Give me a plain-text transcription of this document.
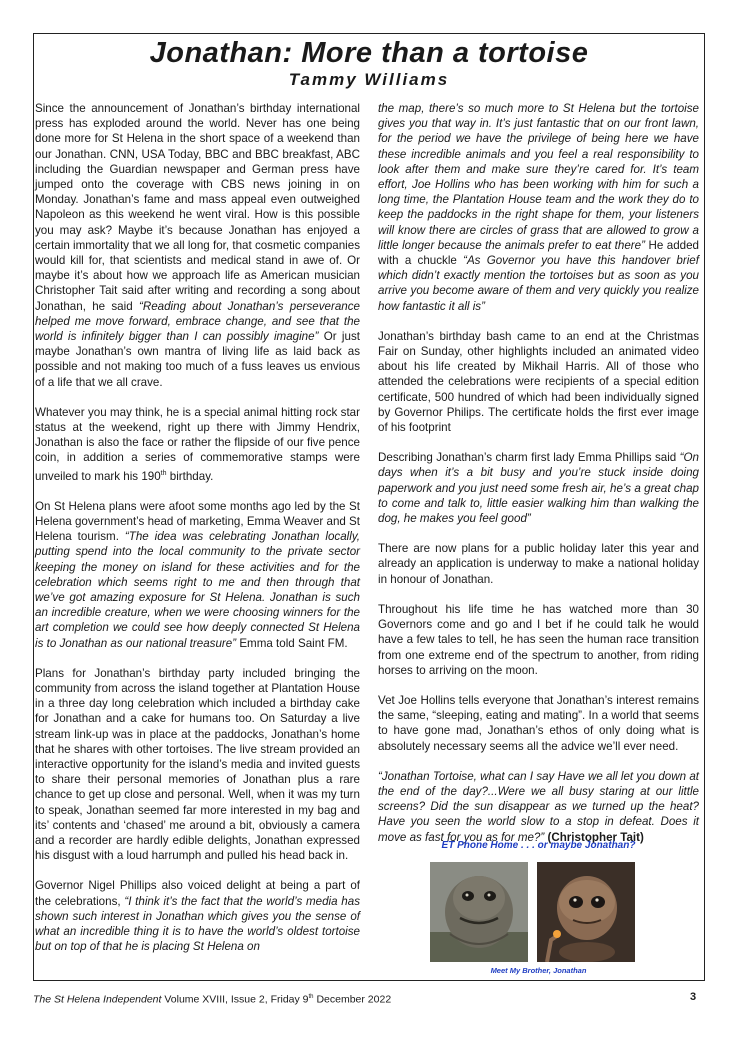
Jonathan: More than a tortoise
Tammy Williams

Since the announcement of Jonathan’s birthday international press has exploded around the world. Never has one being done more for St Helena in the short space of a weekend than our Jonathan. CNN, USA Today, BBC and BBC breakfast, ABC including the Guardian newspaper and German press have jumped onto the coverage with CBS news joining in on Monday. Jonathan’s fame and mass appeal even outweighed Napoleon as this weekend he went viral. How is this possible you may ask? Maybe it’s because Jonathan has enjoyed a certain immortality that we all long for, that cosmetic companies would kill for, that scientists and medical stand in awe of. Or maybe it’s about how we approach life as American musician Christopher Tait said after writing and recording a song about Jonathan, he said “Reading about Jonathan’s perseverance helped me move forward, embrace change, and see that the world is infinitely bigger than I can possibly imagine” Or just maybe Jonathan’s own mantra of living life as laid back as possible and not making too much of a fuss leaves us envious of a life that we all crave.

Whatever you may think, he is a special animal hitting rock star status at the weekend, right up there with Jimmy Hendrix, Jonathan is also the face or rather the flipside of our five pence coin, in addition a series of commemorative stamps were unveiled to mark his 190th birthday.

On St Helena plans were afoot some months ago led by the St Helena government’s head of marketing, Emma Weaver and St Helena tourism. “The idea was celebrating Jonathan locally, putting spend into the local community to the private sector keeping the money on island for these activities and for the celebration which seems right to me and then through that we’ve got amazing exposure for St Helena. Jonathan is such an incredible creature, when we were choosing winners for the art completion we could see how deeply connected St Helena is to Jonathan as our national treasure” Emma told Saint FM.

Plans for Jonathan’s birthday party included bringing the community from across the island together at Plantation House in a three day long celebration which included a birthday cake for Jonathan and a cake for humans too. On Saturday a live stream link-up was in place at the paddocks, Jonathan’s home that he shares with other tortoises. The live stream provided an interactive opportunity for the island’s media and invited guests to share their personal memories of Jonathan plus a rare chance to get up close and personal. Well, when it was my turn to speak, Jonathan seemed far more interested in my bag and its’ contents and ‘chased’ me around a bit, obviously a camera and a recorder are hardly edible delights, Jonathan expressed his disgust with a loud harrumph and pulled his head back in.

Governor Nigel Phillips also voiced delight at being a part of the celebrations, “I think it’s the fact that the world’s media has shown such interest in Jonathan which gives you the sense of what an incredible thing it is to have the world’s oldest tortoise but on top of that he is placing St Helena on

the map, there’s so much more to St Helena but the tortoise gives you that way in. It’s just fantastic that on our front lawn, for the period we have the privilege of being here we have these incredible animals and you feel a real responsibility to look after them and make sure they’re cared for. It’s team effort, Joe Hollins who has been working with him for such a long time, the Plantation House team and the work they do to keep the paddocks in the right shape for them, your listeners will know there are circles of grass that are allowed to grow a little longer because the animals prefer to eat there” He added with a chuckle “As Governor you have this handover brief which didn’t exactly mention the tortoises but as soon as you arrive you become aware of them and very quickly you realize how fantastic it all is”

Jonathan’s birthday bash came to an end at the Christmas Fair on Sunday, other highlights included an animated video about his life created by Mikhail Harris. All of those who attended the celebrations were recipients of a special edition certificate, 500 hundred of which had been individually signed by Governor Philips. The certificate holds the first ever image of his footprint

Describing Jonathan’s charm first lady Emma Phillips said “On days when it’s a bit busy and you’re stuck inside doing paperwork and you just need some fresh air, he’s a great chap to come and talk to, little easier walking him than walking the dog, he makes you feel good”

There are now plans for a public holiday later this year and already an application is underway to make a national holiday in honour of Jonathan.

Throughout his life time he has watched more than 30 Governors come and go and I bet if he could talk he would have a few tales to tell, he has seen the human race transition from one extreme end of the spectrum to another, from riding horses to arriving on the moon.

Vet Joe Hollins tells everyone that Jonathan’s interest remains the same, “sleeping, eating and mating”. In a world that seems to have gone mad, Jonathan’s ethos of only doing what is absolutely necessary seems all the advice we’ll ever need.

“Jonathan Tortoise, what can I say Have we all let you down at the end of the day?...Were we all busy staring at our little screens? Did the sun disappear as we turned up the heat? Have you seen the world slow to a stop in defeat. Does it move as fast for you as for me?” (Christopher Tait)

ET Phone Home . . . or maybe Jonathan?
Meet My Brother, Jonathan
The St Helena Independent Volume XVIII, Issue 2, Friday 9th December 2022	3
